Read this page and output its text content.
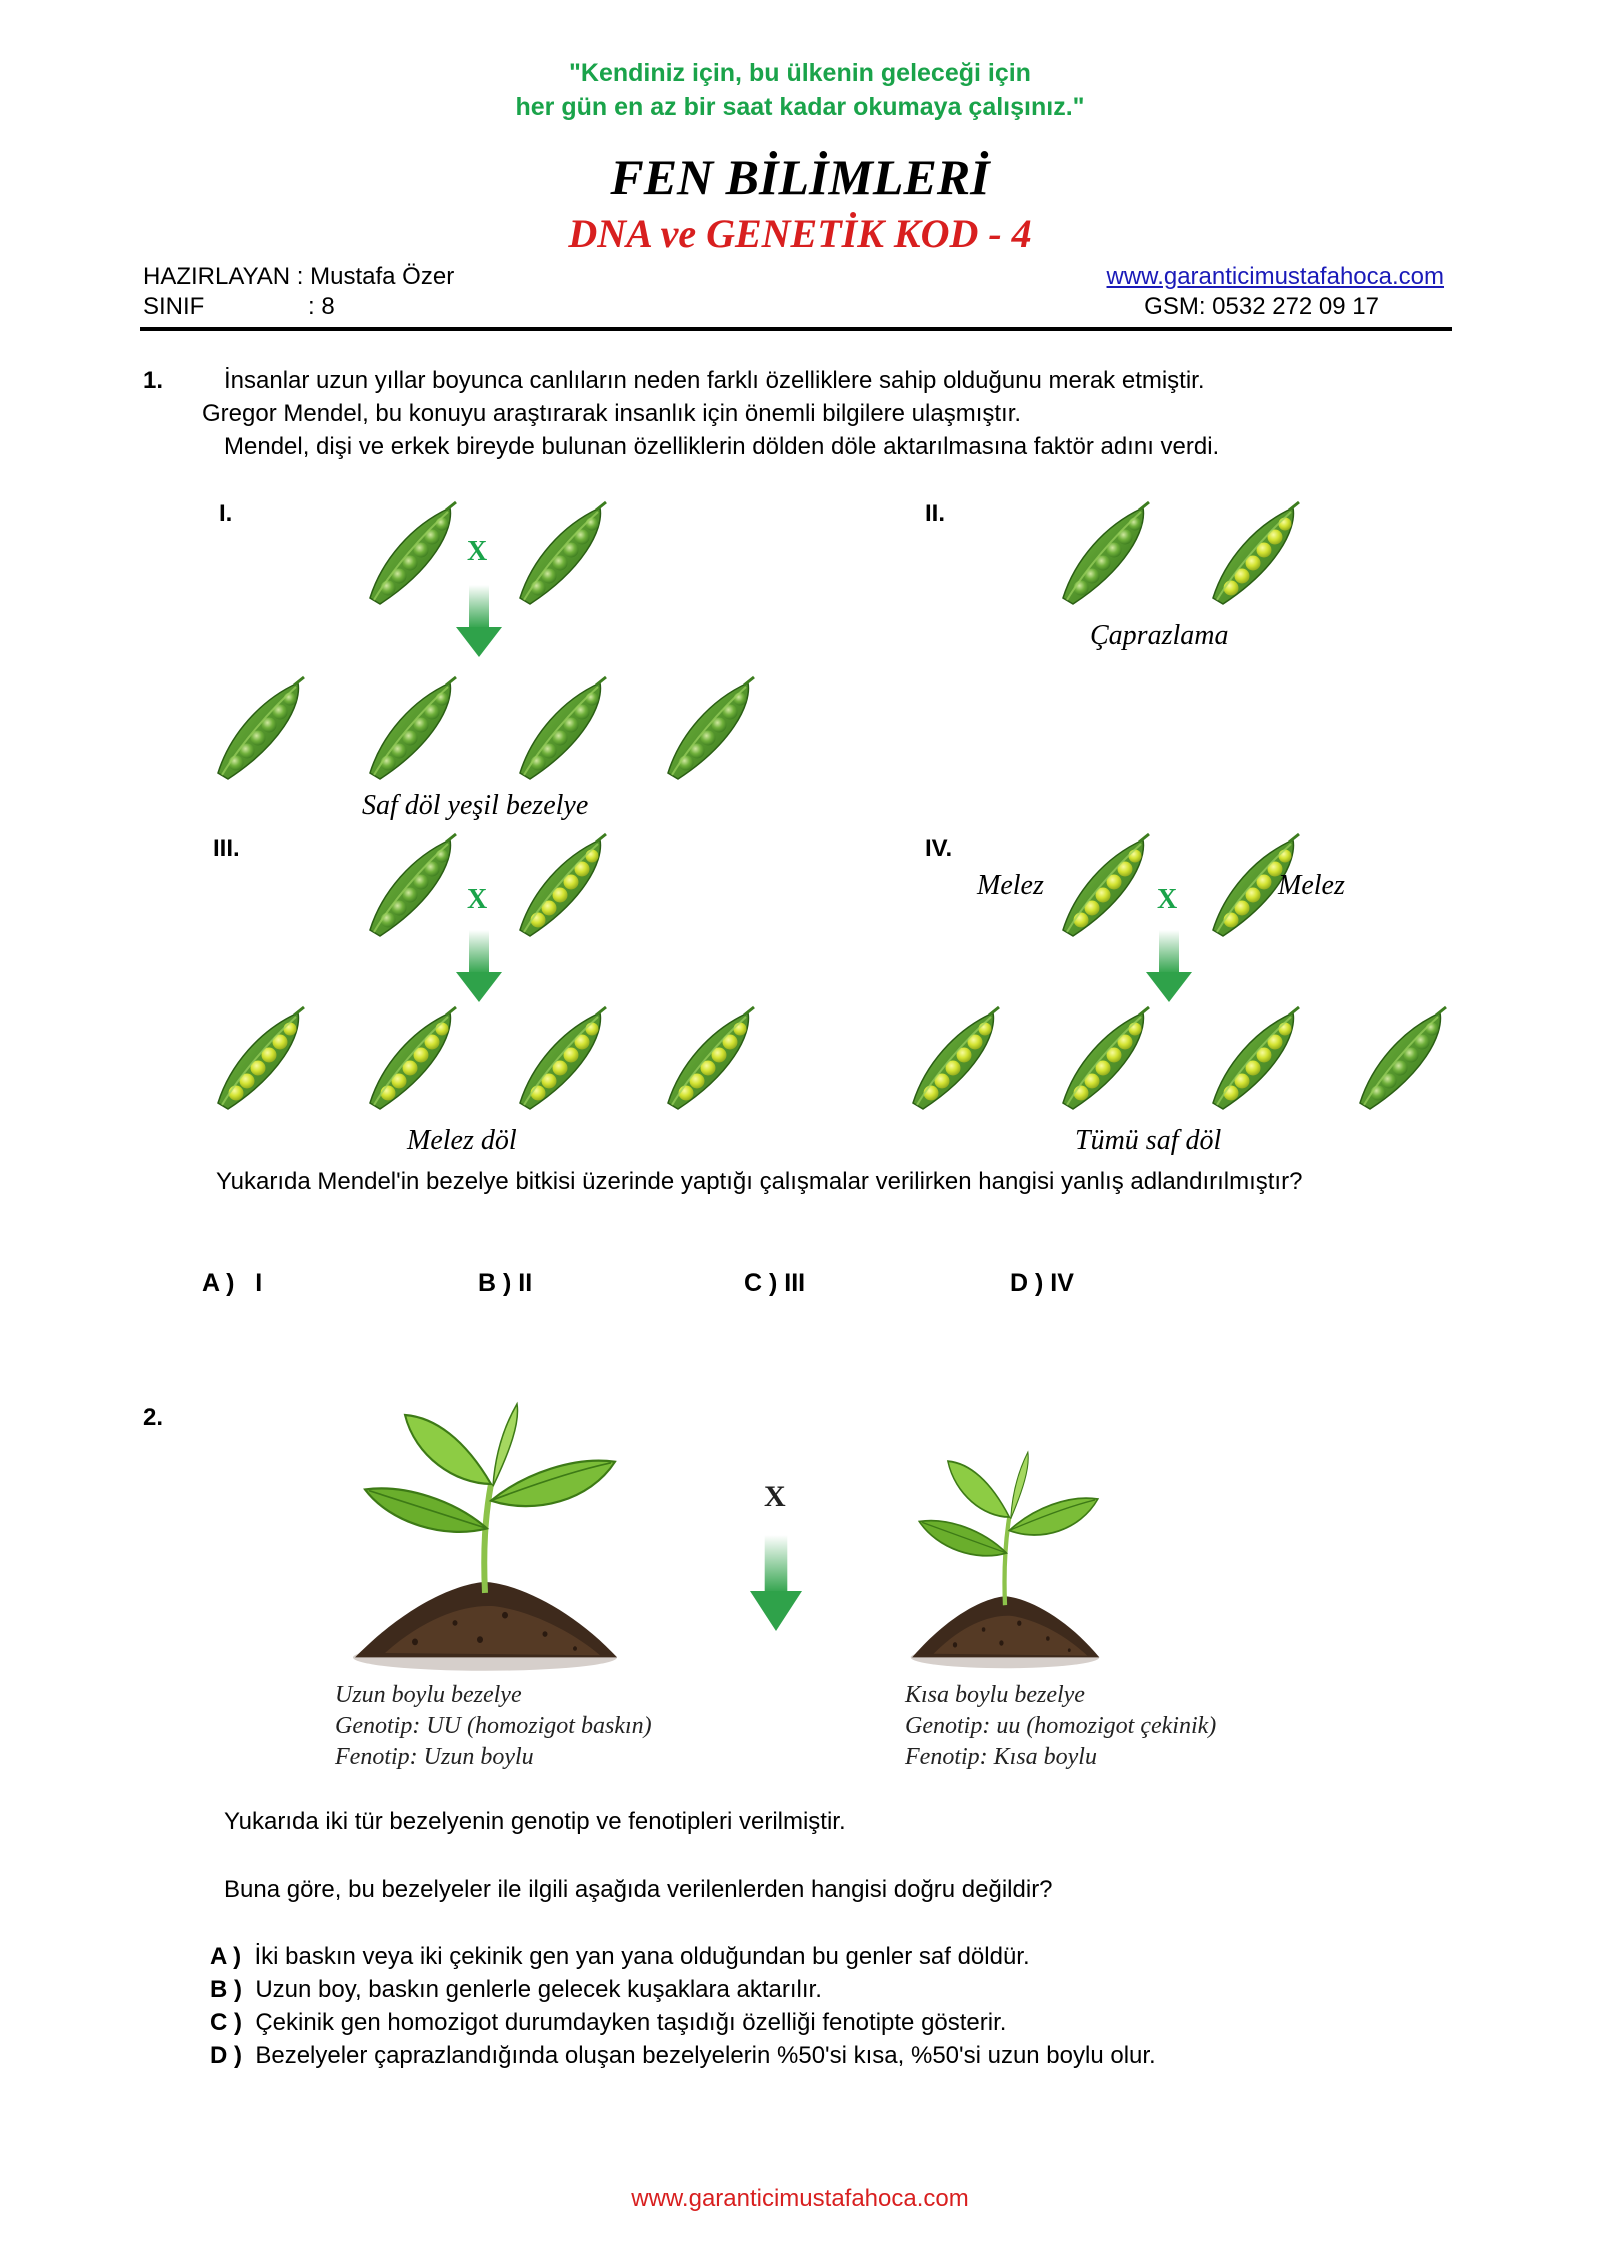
"Kendiniz için, bu ülkenin geleceği için
her gün en az bir saat kadar okumaya çalışınız."
FEN BİLİMLERİ
DNA ve GENETİK KOD - 4
HAZIRLAYAN : Mustafa Özer
SINIF	: 8
www.garanticimustafahoca.com
GSM: 0532 272 09 17
1.	İnsanlar uzun yıllar boyunca canlıların neden farklı özelliklere sahip olduğunu merak etmiştir.
Gregor Mendel, bu konuyu araştırarak insanlık için önemli bilgilere ulaşmıştır.
Mendel, dişi ve erkek bireyde bulunan özelliklerin dölden döle aktarılmasına faktör adını verdi.
I.
X
Saf döl yeşil bezelye
II.
Çaprazlama
III.
X
Melez döl
IV.
Melez	X	Melez
Tümü saf döl
Yukarıda Mendel'in bezelye bitkisi üzerinde yaptığı çalışmalar verilirken hangisi yanlış adlandırılmıştır?
A ) I	B ) II	C ) III	D ) IV
2.
X
Uzun boylu bezelye
Genotip: UU (homozigot baskın)
Fenotip: Uzun boylu
Kısa boylu bezelye
Genotip: uu (homozigot çekinik)
Fenotip: Kısa boylu
Yukarıda iki tür bezelyenin genotip ve fenotipleri verilmiştir.
Buna göre, bu bezelyeler ile ilgili aşağıda verilenlerden hangisi doğru değildir?
A ) İki baskın veya iki çekinik gen yan yana olduğundan bu genler saf döldür.
B ) Uzun boy, baskın genlerle gelecek kuşaklara aktarılır.
C ) Çekinik gen homozigot durumdayken taşıdığı özelliği fenotipte gösterir.
D ) Bezelyeler çaprazlandığında oluşan bezelyelerin %50'si kısa, %50'si uzun boylu olur.
www.garanticimustafahoca.com
